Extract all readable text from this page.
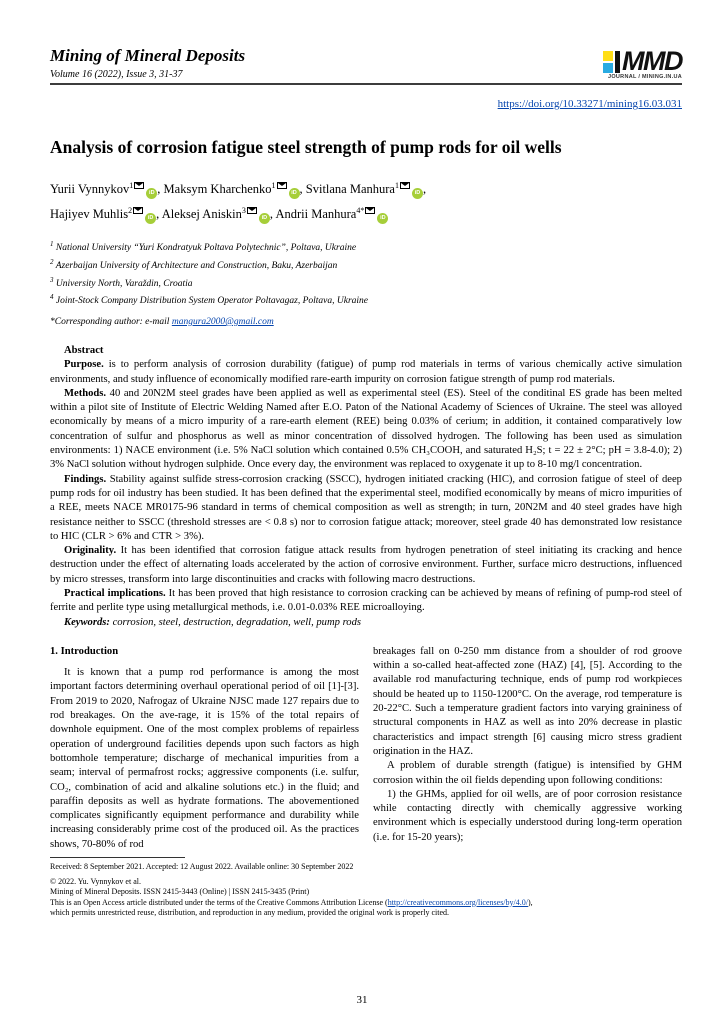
Mining of Mineral Deposits
Volume 16 (2022), Issue 3, 31-37	MMD
JOURNAL / MINING.IN.UA
https://doi.org/10.33271/mining16.03.031
Analysis of corrosion fatigue steel strength of pump rods for oil wells
Yurii Vynnykov$^1$ iD , Maksym Kharchenko$^1$ iD , Svitlana Manhura$^1$ iD ,
Hajiyev Muhlis$^2$ iD , Aleksej Aniskin$^3$ iD , Andrii Manhura$^{4*}$iD
$^1$ National University “Yuri Kondratyuk Poltava Polytechnic”, Poltava, Ukraine
$^2$ Azerbaijan University of Architecture and Construction, Baku, Azerbaijan
$^3$ University North, Varaždin, Croatia
$^4$ Joint-Stock Company Distribution System Operator Poltavagaz, Poltava, Ukraine
*Corresponding author: e-mail mangura2000@gmail.com

Abstract

Purpose. is to perform analysis of corrosion durability (fatigue) of pump rod materials in terms of various chemically active simulation environments, and study influence of economically modified rare-earth impurity on corrosion fatigue strength of pump rod materials.

Methods. 40 and 20N2M steel grades have been applied as well as experimental steel (ES). Steel of the conditinal ES grade has been melted within a pilot site of Institute of Electric Welding Named after E.O. Paton of the National Academy of Sciences of Ukraine. The steel was alloyed economically by means of a micro impurity of a rare-earth element (REE) being 0.03% of cerium; in addition, it contained comparatively low concentration of sulfur and phosphorus as well as minor concentration of dissolved hydrogen. The following has been used as simulation environments: 1) NACE environment (i.e. 5% NaCl solution which contained 0.5% CH₃COOH, and saturated H₂S; t = 22 ± 2°C; pH = 3.8-4.0); 2) 3% NaCl solution without hydrogen sulphide. Once every day, the environment was replaced to oxygenate it up to 8-10 mg/l concentration.

Findings. Stability against sulfide stress-corrosion cracking (SSCC), hydrogen initiated cracking (HIC), and corrosion fatigue of steel of deep pump rods for oil industry has been studied. It has been defined that the experimental steel, modified economically by means of micro impurities of a REE, meets NACE MR0175-96 standard in terms of chemical composition as well as strength; in turn, 20N2M and 40 steel grades have high resistance neither to SSCC (threshold stresses are < 0.8 s) nor to corrosion fatigue attack; moreover, steel grade 40 has demonstrated low resistance to HIC (CLR > 6% and CTR > 3%).

Originality. It has been identified that corrosion fatigue attack results from hydrogen penetration of steel initiating its cracking and hence destruction under the effect of alternating loads accelerated by the action of corrosive environment. Further, surface micro destructions, influenced by micro stresses, transform into large discontinuities and cracks with following macro destructions.

Practical implications. It has been proved that high resistance to corrosion cracking can be achieved by means of refining of pump-rod steel of ferrite and perlite type using metallurgical methods, i.e. 0.01-0.03% REE microalloying.

Keywords: corrosion, steel, destruction, degradation, well, pump rods

1. Introduction

It is known that a pump rod performance is among the most important factors determining overhaul operational period of oil [1]-[3]. From 2019 to 2020, Nafrogaz of Ukraine NJSC made 127 repairs due to rod breakages. On the ave-rage, it is 15% of the total repairs of downhole equipment. One of the most complex problems of repairless operation of underground facilities depends upon such factors as high bottomhole temperature; discharge of mechanical impurities from a seam; interval of permafrost rocks; aggressive components (i.e. sulfur, CO₂, combination of acid and alkaline solutions etc.) in the fluid; and paraffin deposits as well as hydrate formations. The abovementioned complicates significantly equipment performance and durability while increasing considerably prime cost of the produced oil. As the practices shows, 70-80% of rod

breakages fall on 0-250 mm distance from a shoulder of rod groove within a so-called heat-affected zone (HAZ) [4], [5]. According to the available rod manufacturing technique, ends of pump rod workpieces should be heated up to 1150-1200°C. On the average, rod temperature is 20-22°C. Such a temperature gradient factors into varying graininess of structural components in HAZ as well as into 20% decrease in plastic characteristics and impact strength [6] causing micro stress gradient origination in the HAZ.

A problem of durable strength (fatigue) is intensified by GHM corrosion within the oil fields depending upon following conditions:

1) the GHMs, applied for oil wells, are of poor corrosion resistance while contacting directly with chemically aggressive working environment which is especially understood during long-term operation (i.e. for 15-20 years);

Received: 8 September 2021. Accepted: 12 August 2022. Available online: 30 September 2022

© 2022. Yu. Vynnykov et al.

Mining of Mineral Deposits. ISSN 2415-3443 (Online) | ISSN 2415-3435 (Print)

This is an Open Access article distributed under the terms of the Creative Commons Attribution License (http://creativecommons.org/licenses/by/4.0/),

which permits unrestricted reuse, distribution, and reproduction in any medium, provided the original work is properly cited.

31
